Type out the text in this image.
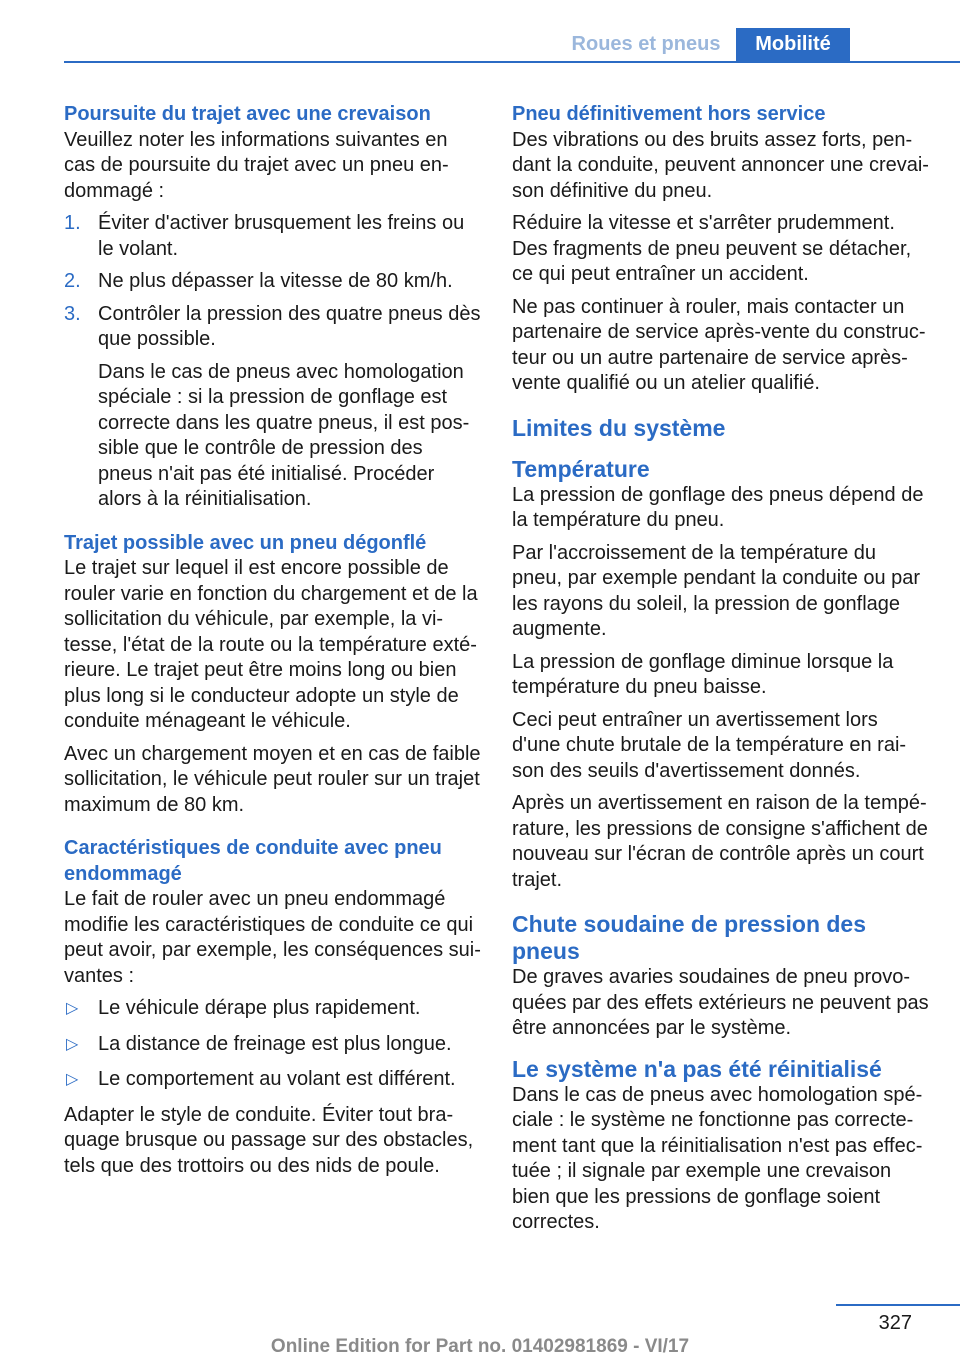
Roues et pneus	Mobilité

Poursuite du trajet avec une crevaison

Veuillez noter les informations suivantes en cas de poursuite du trajet avec un pneu endommagé :

1. Éviter d'activer brusquement les freins ou le volant.
2. Ne plus dépasser la vitesse de 80 km/h.
3. Contrôler la pression des quatre pneus dès que possible.
Dans le cas de pneus avec homologation spéciale : si la pression de gonflage est correcte dans les quatre pneus, il est possible que le contrôle de pression des pneus n'ait pas été initialisé. Procéder alors à la réinitialisation.

Trajet possible avec un pneu dégonflé

Le trajet sur lequel il est encore possible de rouler varie en fonction du chargement et de la sollicitation du véhicule, par exemple, la vitesse, l'état de la route ou la température extérieure. Le trajet peut être moins long ou bien plus long si le conducteur adopte un style de conduite ménageant le véhicule.

Avec un chargement moyen et en cas de faible sollicitation, le véhicule peut rouler sur un trajet maximum de 80 km.

Caractéristiques de conduite avec pneu endommagé

Le fait de rouler avec un pneu endommagé modifie les caractéristiques de conduite ce qui peut avoir, par exemple, les conséquences suivantes :

▷ Le véhicule dérape plus rapidement.
▷ La distance de freinage est plus longue.
▷ Le comportement au volant est différent.

Adapter le style de conduite. Éviter tout braquage brusque ou passage sur des obstacles, tels que des trottoirs ou des nids de poule.

Pneu définitivement hors service

Des vibrations ou des bruits assez forts, pendant la conduite, peuvent annoncer une crevaison définitive du pneu.

Réduire la vitesse et s'arrêter prudemment. Des fragments de pneu peuvent se détacher, ce qui peut entraîner un accident.

Ne pas continuer à rouler, mais contacter un partenaire de service après-vente du constructeur ou un autre partenaire de service après-vente qualifié ou un atelier qualifié.

Limites du système

Température

La pression de gonflage des pneus dépend de la température du pneu.

Par l'accroissement de la température du pneu, par exemple pendant la conduite ou par les rayons du soleil, la pression de gonflage augmente.

La pression de gonflage diminue lorsque la température du pneu baisse.

Ceci peut entraîner un avertissement lors d'une chute brutale de la température en raison des seuils d'avertissement donnés.

Après un avertissement en raison de la température, les pressions de consigne s'affichent de nouveau sur l'écran de contrôle après un court trajet.

Chute soudaine de pression des pneus

De graves avaries soudaines de pneu provoquées par des effets extérieurs ne peuvent pas être annoncées par le système.

Le système n'a pas été réinitialisé

Dans le cas de pneus avec homologation spéciale : le système ne fonctionne pas correctement tant que la réinitialisation n'est pas effectuée ; il signale par exemple une crevaison bien que les pressions de gonflage soient correctes.

327
Online Edition for Part no. 01402981869 - VI/17
